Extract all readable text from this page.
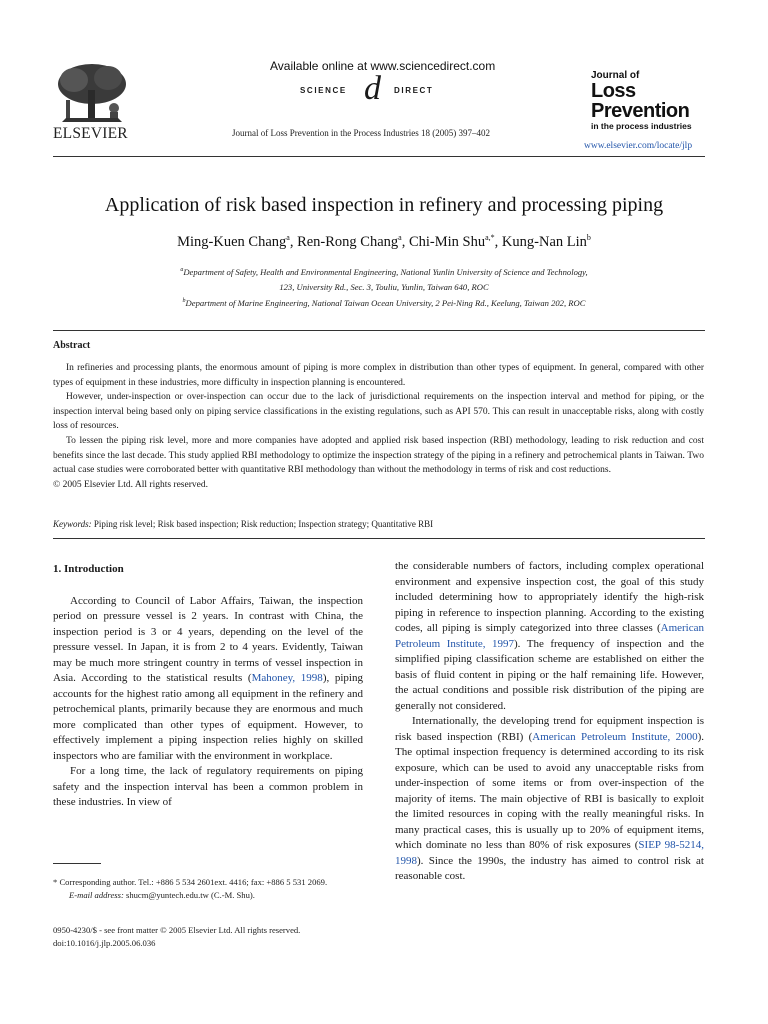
ELSEVIER
Available online at www.sciencedirect.com
SCIENCE d DIRECT
Journal of Loss Prevention in the Process Industries 18 (2005) 397–402
Journal of
Loss
Prevention
in the process industries
www.elsevier.com/locate/jlp
Application of risk based inspection in refinery and processing piping
Ming-Kuen Chang$^a$, Ren-Rong Chang$^a$, Chi-Min Shu$^{a,*}$, Kung-Nan Lin$^b$
$^a$Department of Safety, Health and Environmental Engineering, National Yunlin University of Science and Technology,
123, University Rd., Sec. 3, Touliu, Yunlin, Taiwan 640, ROC
$^b$Department of Marine Engineering, National Taiwan Ocean University, 2 Pei-Ning Rd., Keelung, Taiwan 202, ROC
Abstract

In refineries and processing plants, the enormous amount of piping is more complex in distribution than other types of equipment. In general, compared with other types of equipment in these industries, more difficulty in inspection planning is encountered.

However, under-inspection or over-inspection can occur due to the lack of jurisdictional requirements on the inspection interval and method for piping, or the inspection interval being based only on piping service classifications in the existing regulations, such as API 570. This can result in unacceptable risks, along with costly loss of resources.

To lessen the piping risk level, more and more companies have adopted and applied risk based inspection (RBI) methodology, leading to risk reduction and cost benefits since the last decade. This study applied RBI methodology to optimize the inspection strategy of the piping in a refinery and petrochemical plants in Taiwan. Two actual case studies were corroborated better with quantitative RBI methodology than without the methodology in terms of risk and cost reductions.

© 2005 Elsevier Ltd. All rights reserved.

Keywords: Piping risk level; Risk based inspection; Risk reduction; Inspection strategy; Quantitative RBI
1. Introduction

According to Council of Labor Affairs, Taiwan, the inspection period on pressure vessel is 2 years. In contrast with China, the inspection period is 3 or 4 years, depending on the level of the pressure vessel. In Japan, it is from 2 to 4 years. Evidently, Taiwan may be much more stringent country in terms of vessel inspection in Asia. According to the statistical results (Mahoney, 1998), piping accounts for the highest ratio among all equipment in the refinery and petrochemical plants, primarily because they are enormous and much more complicated than other types of equipment. However, to effectively implement a piping inspection relies highly on skilled inspectors who are familiar with the environment in workplace.

For a long time, the lack of regulatory requirements on piping safety and the inspection interval has been a common problem in these industries. In view of

the considerable numbers of factors, including complex operational environment and expensive inspection cost, the goal of this study included determining how to appropriately identify the high-risk piping in reference to inspection planning. According to the existing codes, all piping is simply categorized into three classes (American Petroleum Institute, 1997). The frequency of inspection and the simplified piping classification scheme are established on either the basis of fluid content in piping or the half remaining life. However, the actual conditions and possible risk distribution of the piping are generally not considered.

Internationally, the developing trend for equipment inspection is risk based inspection (RBI) (American Petroleum Institute, 2000). The optimal inspection frequency is determined according to its risk exposure, which can be used to avoid any unacceptable risks from under-inspection of some items or from over-inspection of the majority of items. The main objective of RBI is basically to exploit the limited resources in coping with the really meaningful risks. In many practical cases, this is usually up to 20% of equipment items, which dominate no less than 80% of risk exposures (SIEP 98-5214, 1998). Since the 1990s, the industry has aimed to control risk at reasonable cost.

* Corresponding author. Tel.: +886 5 534 2601ext. 4416; fax: +886 5 531 2069.
E-mail address: shucm@yuntech.edu.tw (C.-M. Shu).
0950-4230/$ - see front matter © 2005 Elsevier Ltd. All rights reserved.
doi:10.1016/j.jlp.2005.06.036
